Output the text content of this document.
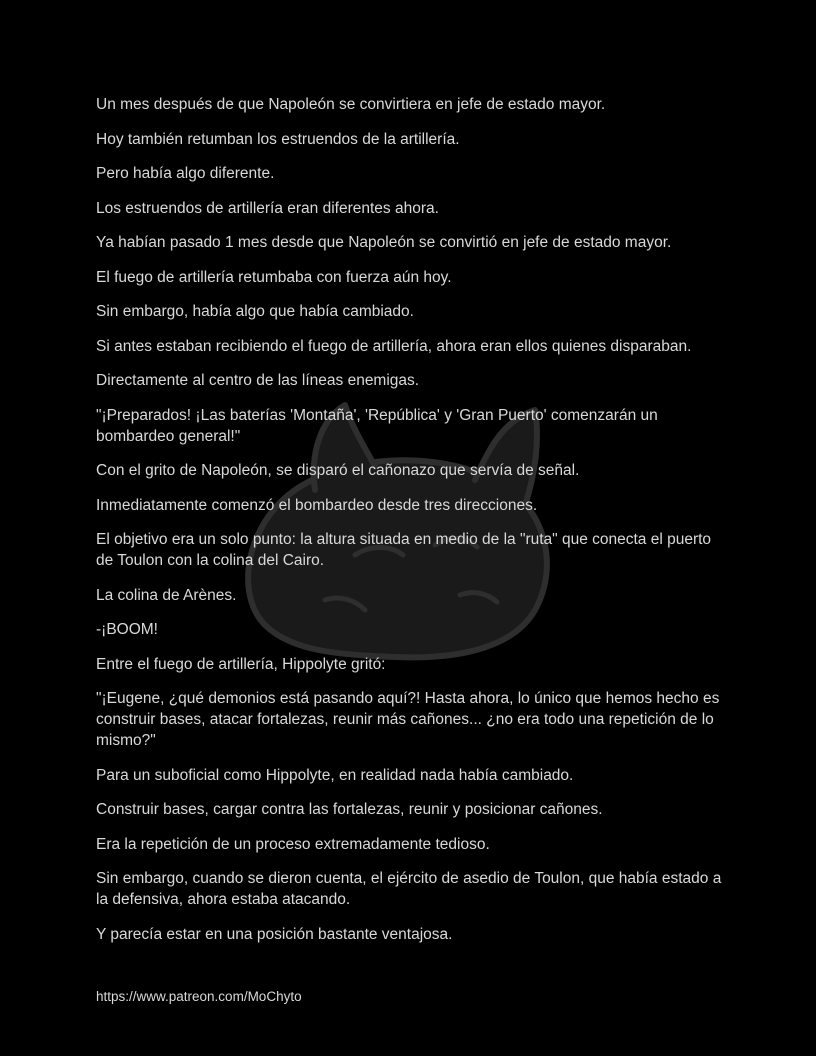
Un mes después de que Napoleón se convirtiera en jefe de estado mayor.

Hoy también retumban los estruendos de la artillería.

Pero había algo diferente.

Los estruendos de artillería eran diferentes ahora.

Ya habían pasado 1 mes desde que Napoleón se convirtió en jefe de estado mayor.

El fuego de artillería retumbaba con fuerza aún hoy.

Sin embargo, había algo que había cambiado.

Si antes estaban recibiendo el fuego de artillería, ahora eran ellos quienes disparaban.

Directamente al centro de las líneas enemigas.

"¡Preparados! ¡Las baterías 'Montaña', 'República' y 'Gran Puerto' comenzarán un bombardeo general!"

Con el grito de Napoleón, se disparó el cañonazo que servía de señal.

Inmediatamente comenzó el bombardeo desde tres direcciones.

El objetivo era un solo punto: la altura situada en medio de la "ruta" que conecta el puerto de Toulon con la colina del Cairo.

La colina de Arènes.

-¡BOOM!

Entre el fuego de artillería, Hippolyte gritó:

"¡Eugene, ¿qué demonios está pasando aquí?! Hasta ahora, lo único que hemos hecho es construir bases, atacar fortalezas, reunir más cañones... ¿no era todo una repetición de lo mismo?"

Para un suboficial como Hippolyte, en realidad nada había cambiado.

Construir bases, cargar contra las fortalezas, reunir y posicionar cañones.

Era la repetición de un proceso extremadamente tedioso.

Sin embargo, cuando se dieron cuenta, el ejército de asedio de Toulon, que había estado a la defensiva, ahora estaba atacando.

Y parecía estar en una posición bastante ventajosa.

https://www.patreon.com/MoChyto
